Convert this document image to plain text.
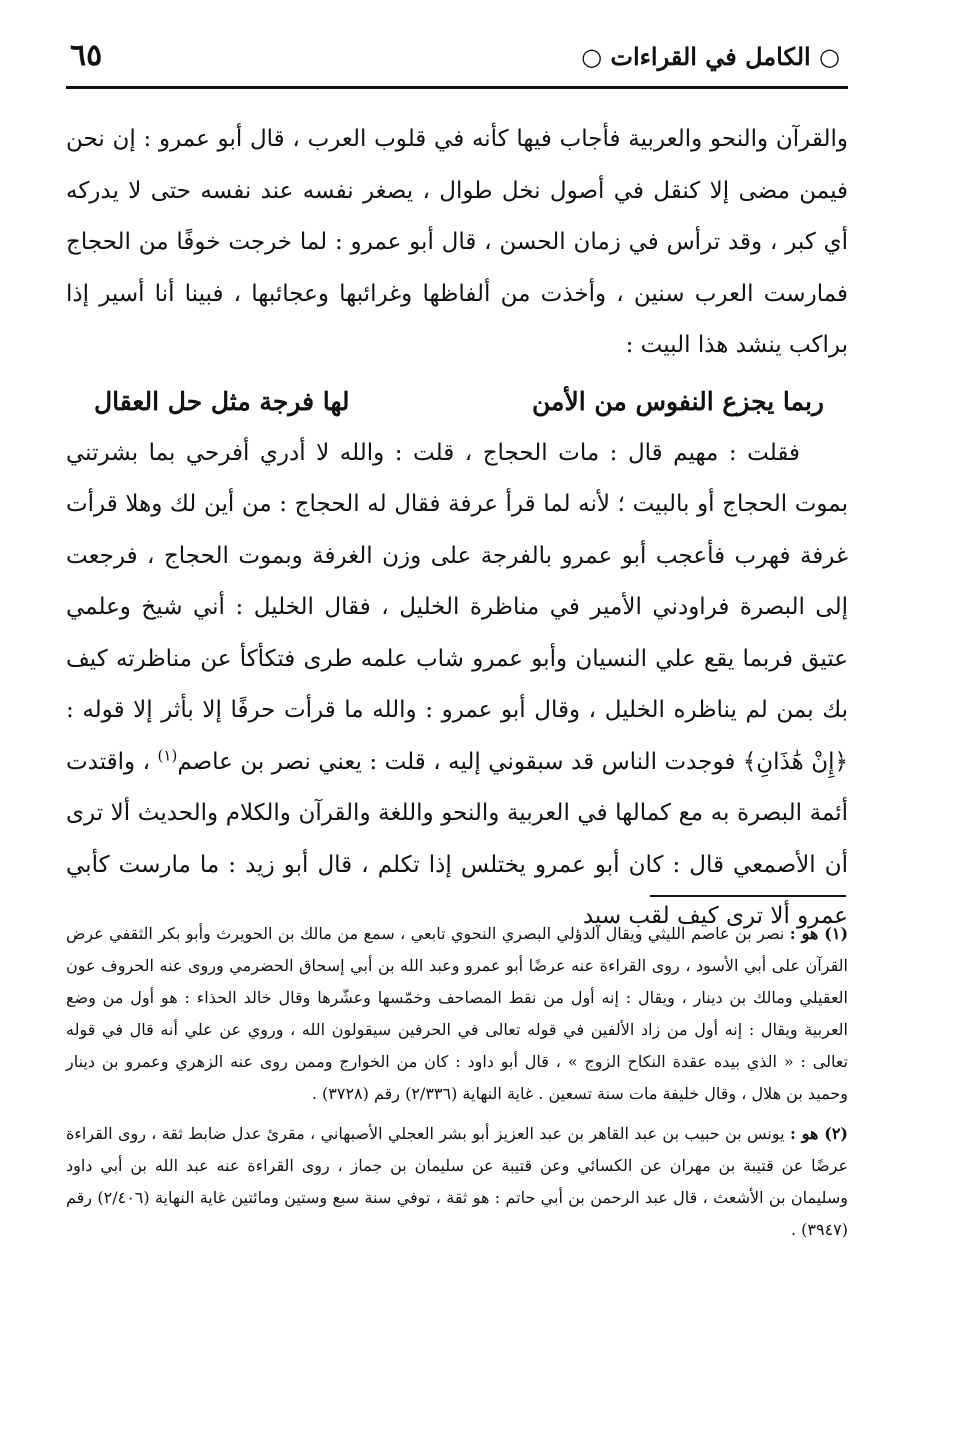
٦٥	○ الكامل في القراءات ○

والقرآن والنحو والعربية فأجاب فيها كأنه في قلوب العرب ، قال أبو عمرو : إن نحن فيمن مضى إلا كنقل في أصول نخل طوال ، يصغر نفسه عند نفسه حتى لا يدركه أي كبر ، وقد ترأس في زمان الحسن ، قال أبو عمرو : لما خرجت خوفًا من الحجاج فمارست العرب سنين ، وأخذت من ألفاظها وغرائبها وعجائبها ، فبينا أنا أسير إذا براكب ينشد هذا البيت :

ربما يجزع النفوس من الأمن
لها فرجة مثل حل العقال

فقلت : مهيم قال : مات الحجاج ، قلت : والله لا أدري أفرحي بما بشرتني بموت الحجاج أو بالبيت ؛ لأنه لما قرأ عرفة فقال له الحجاج : من أين لك وهلا قرأت غرفة فهرب فأعجب أبو عمرو بالفرجة على وزن الغرفة وبموت الحجاج ، فرجعت إلى البصرة فراودني الأمير في مناظرة الخليل ، فقال الخليل : أني شيخ وعلمي عتيق فربما يقع علي النسيان وأبو عمرو شاب علمه طرى فتكأكأ عن مناظرته كيف بك بمن لم يناظره الخليل ، وقال أبو عمرو : والله ما قرأت حرفًا إلا بأثر إلا قوله : ﴿إِنْ هَٰذَانِ﴾ فوجدت الناس قد سبقوني إليه ، قلت : يعني نصر بن عاصم$^{(١)}$ ، واقتدت أئمة البصرة به مع كمالها في العربية والنحو واللغة والقرآن والكلام والحديث ألا ترى أن الأصمعي قال : كان أبو عمرو يختلس إذا تكلم ، قال أبو زيد : ما مارست كأبي عمرو ألا ترى كيف لقب سيد

(١) هو : نصر بن عاصم الليثي ويقال الدؤلي البصري النحوي تابعي ، سمع من مالك بن الحويرث وأبو بكر الثقفي عرض القرآن على أبي الأسود ، روى القراءة عنه عرضًا أبو عمرو وعبد الله بن أبي إسحاق الحضرمي وروى عنه الحروف عون العقيلي ومالك بن دينار ، ويقال : إنه أول من نقط المصاحف وخمّسها وعشّرها وقال خالد الحذاء : هو أول من وضع العربية ويقال : إنه أول من زاد الألفين في قوله تعالى في الحرفين سيقولون الله ، وروي عن علي أنه قال في قوله تعالى : « الذي بيده عقدة النكاح الزوج » ، قال أبو داود : كان من الخوارج وممن روى عنه الزهري وعمرو بن دينار وحميد بن هلال ، وقال خليفة مات سنة تسعين . غاية النهاية (٢/٣٣٦) رقم (٣٧٢٨) .

(٢) هو : يونس بن حبيب بن عبد القاهر بن عبد العزيز أبو بشر العجلي الأصبهاني ، مقرئ عدل ضابط ثقة ، روى القراءة عرضًا عن قتيبة بن مهران عن الكسائي وعن قتيبة عن سليمان بن جماز ، روى القراءة عنه عبد الله بن أبي داود وسليمان بن الأشعث ، قال عبد الرحمن بن أبي حاتم : هو ثقة ، توفي سنة سبع وستين ومائتين غاية النهاية (٢/٤٠٦) رقم (٣٩٤٧) .
